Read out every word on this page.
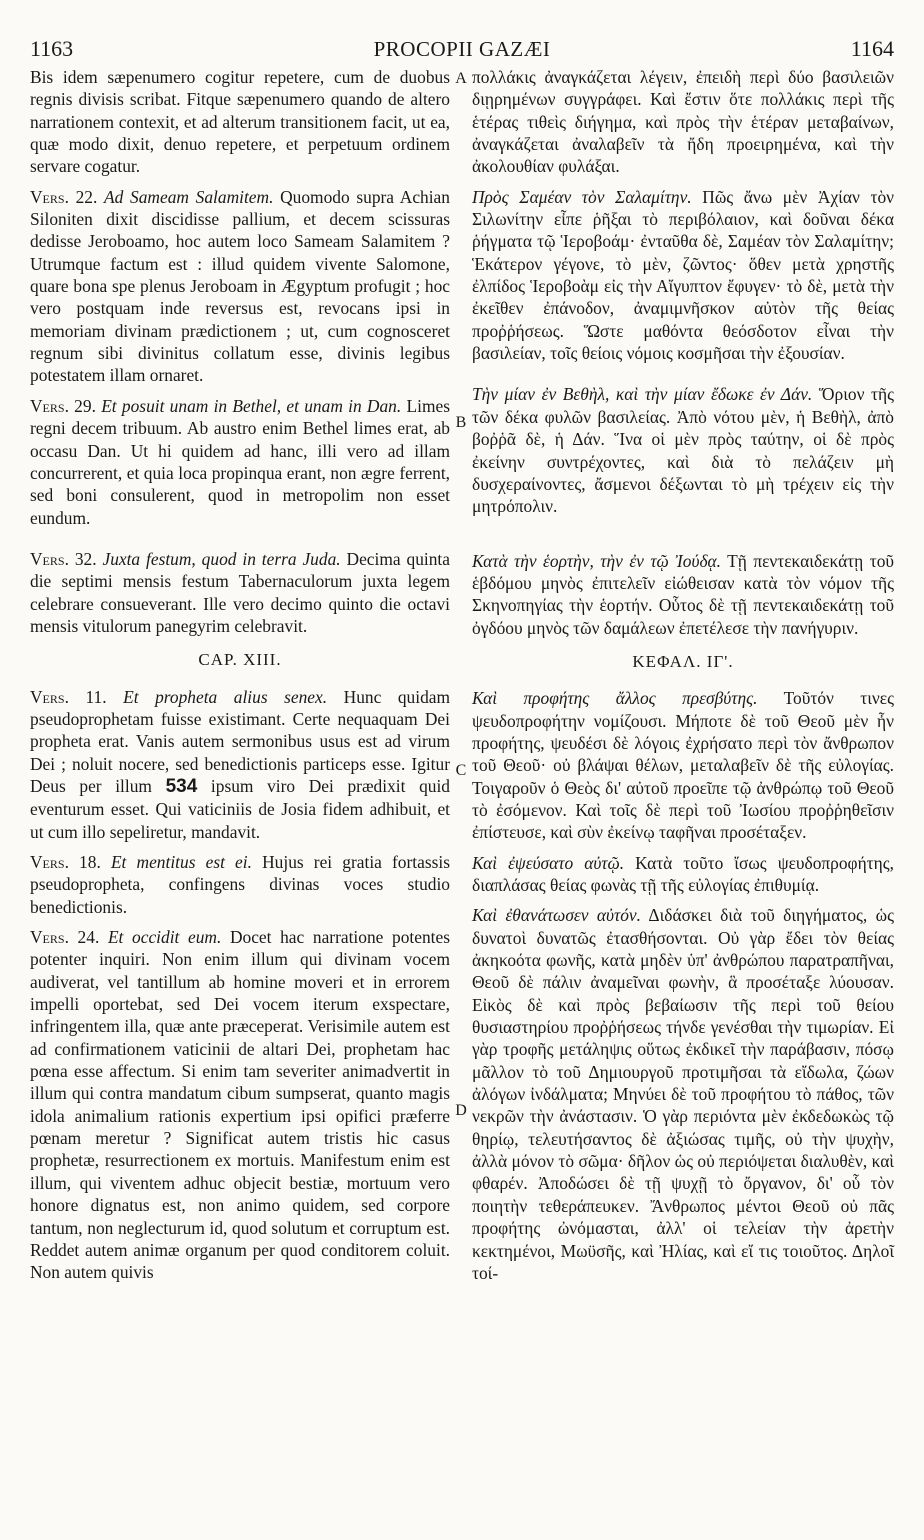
1163	PROCOPII GAZÆI	1164
A
B
C
D

Bis idem sæpenumero cogitur repetere, cum de duobus regnis divisis scribat. Fitque sæpenumero quando de altero narrationem contexit, et ad alterum transitionem facit, ut ea, quæ modo dixit, denuo repetere, et perpetuum ordinem servare cogatur.

Vers. 22. Ad Sameam Salamitem. Quomodo supra Achian Siloniten dixit discidisse pallium, et decem scissuras dedisse Jeroboamo, hoc autem loco Sameam Salamitem ? Utrumque factum est : illud quidem vivente Salomone, quare bona spe plenus Jeroboam in Ægyptum profugit ; hoc vero postquam inde reversus est, revocans ipsi in memoriam divinam prædictionem ; ut, cum cognosceret regnum sibi divinitus collatum esse, divinis legibus potestatem illam ornaret.

Vers. 29. Et posuit unam in Bethel, et unam in Dan. Limes regni decem tribuum. Ab austro enim Bethel limes erat, ab occasu Dan. Ut hi quidem ad hanc, illi vero ad illam concurrerent, et quia loca propinqua erant, non ægre ferrent, sed boni consulerent, quod in metropolim non esset eundum.

Vers. 32. Juxta festum, quod in terra Juda. Decima quinta die septimi mensis festum Tabernaculorum juxta legem celebrare consueverant. Ille vero decimo quinto die octavi mensis vitulorum panegyrim celebravit.

CAP. XIII.

Vers. 11. Et propheta alius senex. Hunc quidam pseudoprophetam fuisse existimant. Certe nequaquam Dei propheta erat. Vanis autem sermonibus usus est ad virum Dei ; noluit nocere, sed benedictionis particeps esse. Igitur Deus per illum 534 ipsum viro Dei prædixit quid eventurum esset. Qui vaticiniis de Josia fidem adhibuit, et ut cum illo sepeliretur, mandavit.

Vers. 18. Et mentitus est ei. Hujus rei gratia fortassis pseudopropheta, confingens divinas voces studio benedictionis.

Vers. 24. Et occidit eum. Docet hac narratione potentes potenter inquiri. Non enim illum qui divinam vocem audiverat, vel tantillum ab homine moveri et in errorem impelli oportebat, sed Dei vocem iterum exspectare, infringentem illa, quæ ante præceperat. Verisimile autem est ad confirmationem vaticinii de altari Dei, prophetam hac pœna esse affectum. Si enim tam severiter animadvertit in illum qui contra mandatum cibum sumpserat, quanto magis idola animalium rationis expertium ipsi opifici præferre pœnam meretur ? Significat autem tristis hic casus prophetæ, resurrectionem ex mortuis. Manifestum enim est illum, qui viventem adhuc objecit bestiæ, mortuum vero honore dignatus est, non animo quidem, sed corpore tantum, non neglecturum id, quod solutum et corruptum est. Reddet autem animæ organum per quod conditorem coluit. Non autem quivis

πολλάκις ἀναγκάζεται λέγειν, ἐπειδὴ περὶ δύο βασιλειῶν διῃρημένων συγγράφει. Καὶ ἔστιν ὅτε πολλάκις περὶ τῆς ἑτέρας τιθεὶς διήγημα, καὶ πρὸς τὴν ἑτέραν μεταβαίνων, ἀναγκάζεται ἀναλαβεῖν τὰ ἤδη προειρημένα, καὶ τὴν ἀκολουθίαν φυλάξαι.

Πρὸς Σαμέαν τὸν Σαλαμίτην. Πῶς ἄνω μὲν Ἀχίαν τὸν Σιλωνίτην εἶπε ῥῆξαι τὸ περιβόλαιον, καὶ δοῦναι δέκα ῥήγματα τῷ Ἱεροβοάμ· ἐνταῦθα δὲ, Σαμέαν τὸν Σαλαμίτην; Ἑκάτερον γέγονε, τὸ μὲν, ζῶντος· ὅθεν μετὰ χρηστῆς ἐλπίδος Ἱεροβοὰμ εἰς τὴν Αἴγυπτον ἔφυγεν· τὸ δὲ, μετὰ τὴν ἐκεῖθεν ἐπάνοδον, ἀναμιμνῆσκον αὐτὸν τῆς θείας προῤῥήσεως. Ὥστε μαθόντα θεόσδοτον εἶναι τὴν βασιλείαν, τοῖς θείοις νόμοις κοσμῆσαι τὴν ἐξουσίαν.

Τὴν μίαν ἐν Βεθὴλ, καὶ τὴν μίαν ἔδωκε ἐν Δάν. Ὅριον τῆς τῶν δέκα φυλῶν βασιλείας. Ἀπὸ νότου μὲν, ἡ Βεθὴλ, ἀπὸ βοῤῥᾶ δὲ, ἡ Δάν. Ἵνα οἱ μὲν πρὸς ταύτην, οἱ δὲ πρὸς ἐκείνην συντρέχοντες, καὶ διὰ τὸ πελάζειν μὴ δυσχεραίνοντες, ἄσμενοι δέξωνται τὸ μὴ τρέχειν εἰς τὴν μητρόπολιν.

Κατὰ τὴν ἑορτὴν, τὴν ἐν τῷ Ἰούδᾳ. Τῇ πεντεκαιδεκάτῃ τοῦ ἑβδόμου μηνὸς ἐπιτελεῖν εἰώθεισαν κατὰ τὸν νόμον τῆς Σκηνοπηγίας τὴν ἑορτήν. Οὗτος δὲ τῇ πεντεκαιδεκάτῃ τοῦ ὀγδόου μηνὸς τῶν δαμάλεων ἐπετέλεσε τὴν πανήγυριν.

ΚΕΦΑΛ. ΙΓ'.

Καὶ προφήτης ἄλλος πρεσβύτης. Τοῦτόν τινες ψευδοπροφήτην νομίζουσι. Μήποτε δὲ τοῦ Θεοῦ μὲν ἦν προφήτης, ψευδέσι δὲ λόγοις ἐχρήσατο περὶ τὸν ἄνθρωπον τοῦ Θεοῦ· οὐ βλάψαι θέλων, μεταλαβεῖν δὲ τῆς εὐλογίας. Τοιγαροῦν ὁ Θεὸς δι' αὐτοῦ προεῖπε τῷ ἀνθρώπῳ τοῦ Θεοῦ τὸ ἐσόμενον. Καὶ τοῖς δὲ περὶ τοῦ Ἰωσίου προῤῥηθεῖσιν ἐπίστευσε, καὶ σὺν ἐκείνῳ ταφῆναι προσέταξεν.

Καὶ ἐψεύσατο αὐτῷ. Κατὰ τοῦτο ἴσως ψευδοπροφήτης, διαπλάσας θείας φωνὰς τῇ τῆς εὐλογίας ἐπιθυμίᾳ.

Καὶ ἐθανάτωσεν αὐτόν. Διδάσκει διὰ τοῦ διηγήματος, ὡς δυνατοὶ δυνατῶς ἐτασθήσονται. Οὐ γὰρ ἔδει τὸν θείας ἀκηκοότα φωνῆς, κατὰ μηδὲν ὑπ' ἀνθρώπου παρατραπῆναι, Θεοῦ δὲ πάλιν ἀναμεῖναι φωνὴν, ἃ προσέταξε λύουσαν. Εἰκὸς δὲ καὶ πρὸς βεβαίωσιν τῆς περὶ τοῦ θείου θυσιαστηρίου προῤῥήσεως τήνδε γενέσθαι τὴν τιμωρίαν. Εἰ γὰρ τροφῆς μετάληψις οὕτως ἐκδικεῖ τὴν παράβασιν, πόσῳ μᾶλλον τὸ τοῦ Δημιουργοῦ προτιμῆσαι τὰ εἴδωλα, ζώων ἀλόγων ἰνδάλματα; Μηνύει δὲ τοῦ προφήτου τὸ πάθος, τῶν νεκρῶν τὴν ἀνάστασιν. Ὁ γὰρ περιόντα μὲν ἐκδεδωκὼς τῷ θηρίῳ, τελευτήσαντος δὲ ἀξιώσας τιμῆς, οὐ τὴν ψυχὴν, ἀλλὰ μόνον τὸ σῶμα· δῆλον ὡς οὐ περιόψεται διαλυθὲν, καὶ φθαρέν. Ἀποδώσει δὲ τῇ ψυχῇ τὸ ὄργανον, δι' οὗ τὸν ποιητὴν τεθεράπευκεν. Ἄνθρωπος μέντοι Θεοῦ οὐ πᾶς προφήτης ὠνόμασται, ἀλλ' οἱ τελείαν τὴν ἀρετὴν κεκτημένοι, Μωϋσῆς, καὶ Ἠλίας, καὶ εἴ τις τοιοῦτος. Δηλοῖ τοί-
